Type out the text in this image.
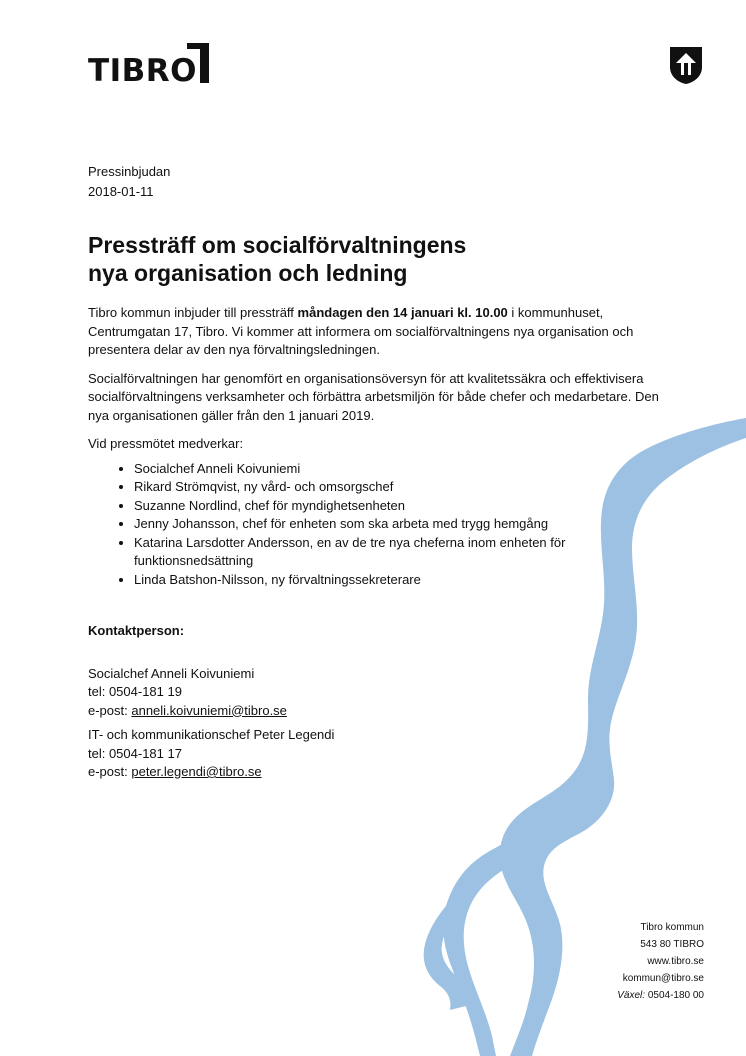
TIBRO
Pressinbjudan
2018-01-11
Pressträff om socialförvaltningens
nya organisation och ledning

Tibro kommun inbjuder till pressträff måndagen den 14 januari kl. 10.00 i kommunhuset, Centrumgatan 17, Tibro. Vi kommer att informera om socialförvaltningens nya organisation och presentera delar av den nya förvaltningsledningen.

Socialförvaltningen har genomfört en organisationsöversyn för att kvalitetssäkra och effektivisera socialförvaltningens verksamheter och förbättra arbetsmiljön för både chefer och medarbetare. Den nya organisationen gäller från den 1 januari 2019.

Vid pressmötet medverkar:

• Socialchef Anneli Koivuniemi
• Rikard Strömqvist, ny vård- och omsorgschef
• Suzanne Nordlind, chef för myndighetsenheten
• Jenny Johansson, chef för enheten som ska arbeta med trygg hemgång
• Katarina Larsdotter Andersson, en av de tre nya cheferna inom enheten för funktionsnedsättning
• Linda Batshon-Nilsson, ny förvaltningssekreterare
Kontaktperson:
Socialchef Anneli Koivuniemi
tel: 0504-181 19
e-post: anneli.koivuniemi@tibro.se
IT- och kommunikationschef Peter Legendi
tel: 0504-181 17
e-post: peter.legendi@tibro.se
Tibro kommun
543 80 TIBRO
www.tibro.se
kommun@tibro.se
Växel: 0504-180 00
